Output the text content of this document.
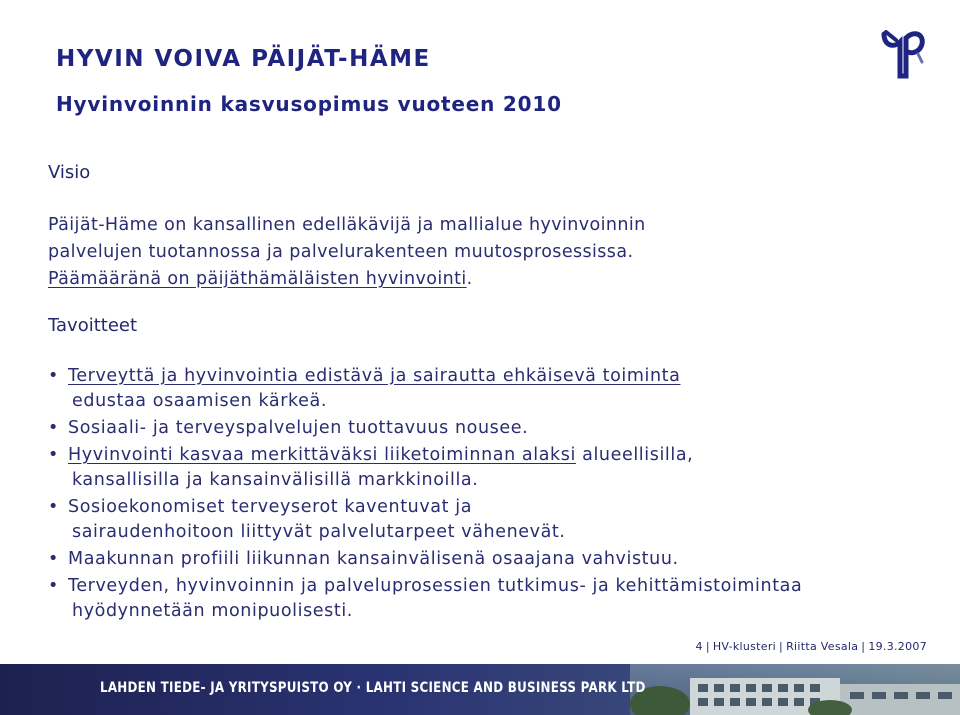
HYVIN VOIVA PÄIJÄT-HÄME
Hyvinvoinnin kasvusopimus vuoteen 2010
Visio
Päijät-Häme on kansallinen edelläkävijä ja mallialue hyvinvoinnin
palvelujen tuotannossa ja palvelurakenteen muutosprosessissa.
Päämääränä on päijäthämäläisten hyvinvointi.
Tavoitteet
• Terveyttä ja hyvinvointia edistävä ja sairautta ehkäisevä toiminta
edustaa osaamisen kärkeä.
• Sosiaali- ja terveyspalvelujen tuottavuus nousee.
• Hyvinvointi kasvaa merkittäväksi liiketoiminnan alaksi alueellisilla,
kansallisilla ja kansainvälisillä markkinoilla.
• Sosioekonomiset terveyserot kaventuvat ja
sairaudenhoitoon liittyvät palvelutarpeet vähenevät.
• Maakunnan profiili liikunnan kansainvälisenä osaajana vahvistuu.
• Terveyden, hyvinvoinnin ja palveluprosessien tutkimus- ja kehittämistoimintaa
hyödynnetään monipuolisesti.
4 | HV-klusteri | Riitta Vesala | 19.3.2007
LAHDEN TIEDE- JA YRITYSPUISTO OY · LAHTI SCIENCE AND BUSINESS PARK LTD
